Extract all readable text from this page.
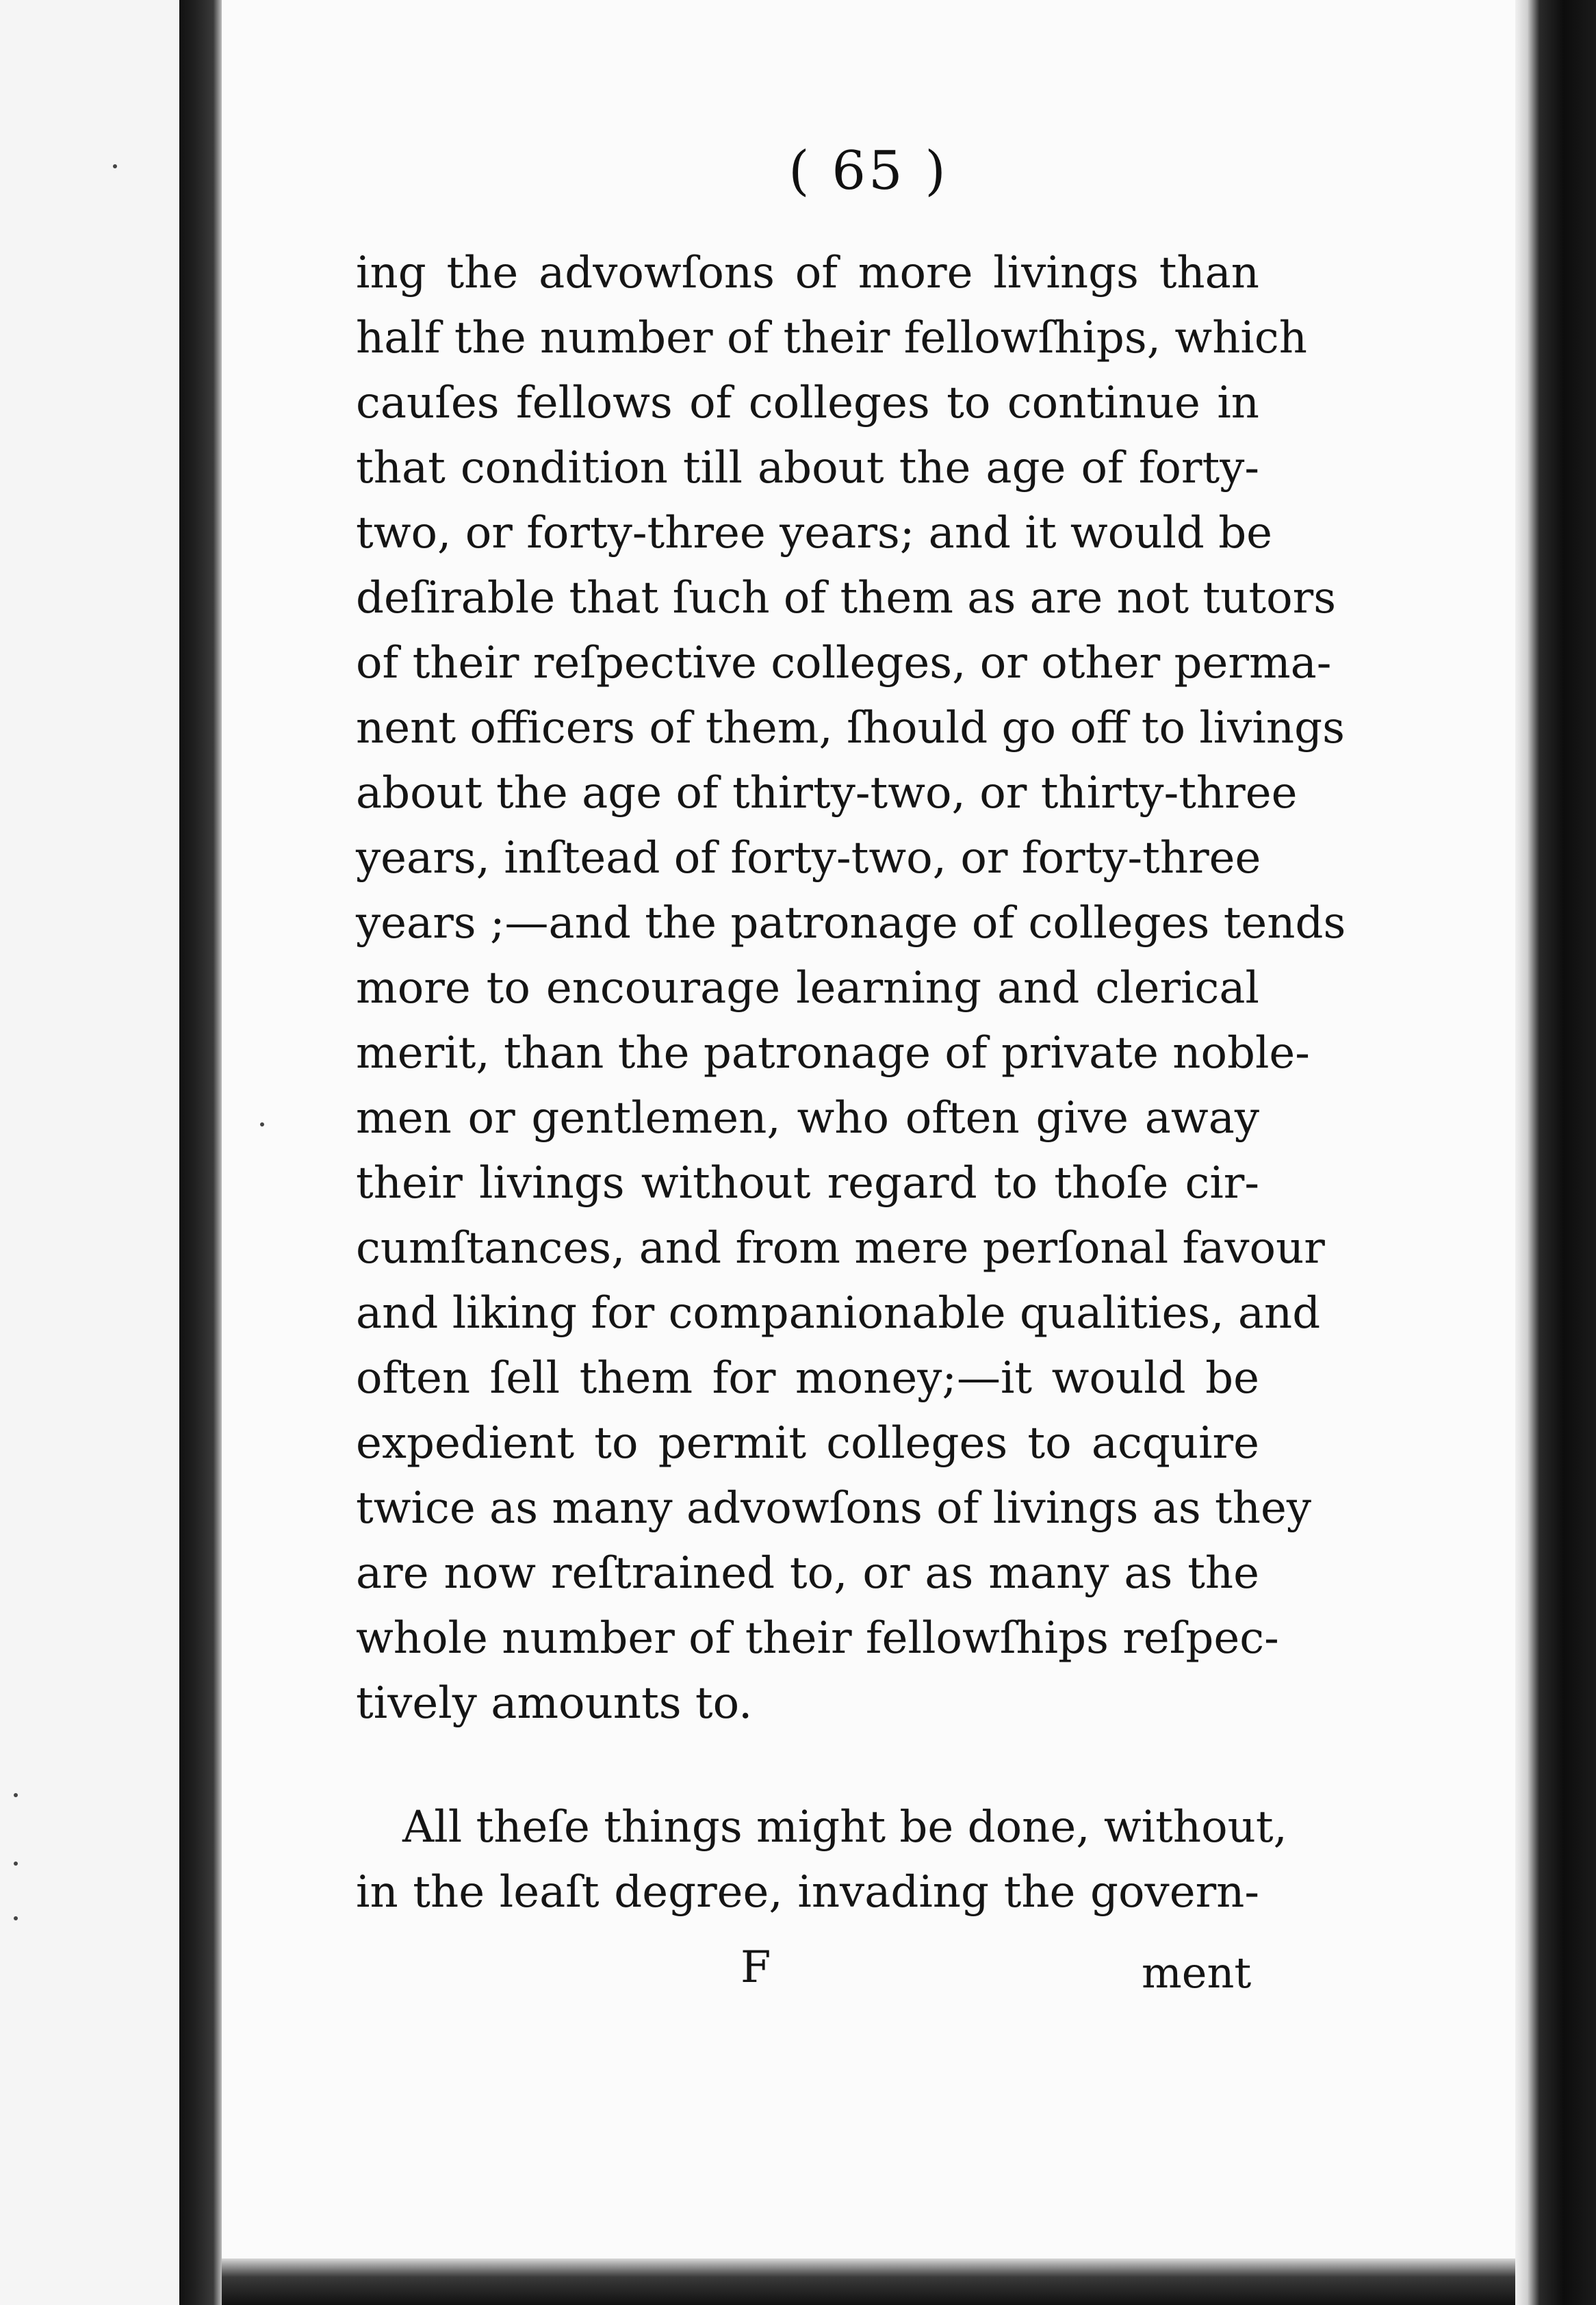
( 65 )
ing the advowſons of more livings than
half the number of their fellowſhips, which
cauſes fellows of colleges to continue in
that condition till about the age of forty-
two, or forty-three years; and it would be
deſirable that ſuch of them as are not tutors
of their reſpective colleges, or other perma-
nent officers of them, ſhould go off to livings
about the age of thirty-two, or thirty-three
years, inſtead of forty-two, or forty-three
years ;—and the patronage of colleges tends
more to encourage learning and clerical
merit, than the patronage of private noble-
men or gentlemen, who often give away
their livings without regard to thoſe cir-
cumſtances, and from mere perſonal favour
and liking for companionable qualities, and
often ſell them for money;—it would be
expedient to permit colleges to acquire
twice as many advowſons of livings as they
are now reſtrained to, or as many as the
whole number of their fellowſhips reſpec-
tively amounts to.
All theſe things might be done, without,
in the leaſt degree, invading the govern-
F	ment
